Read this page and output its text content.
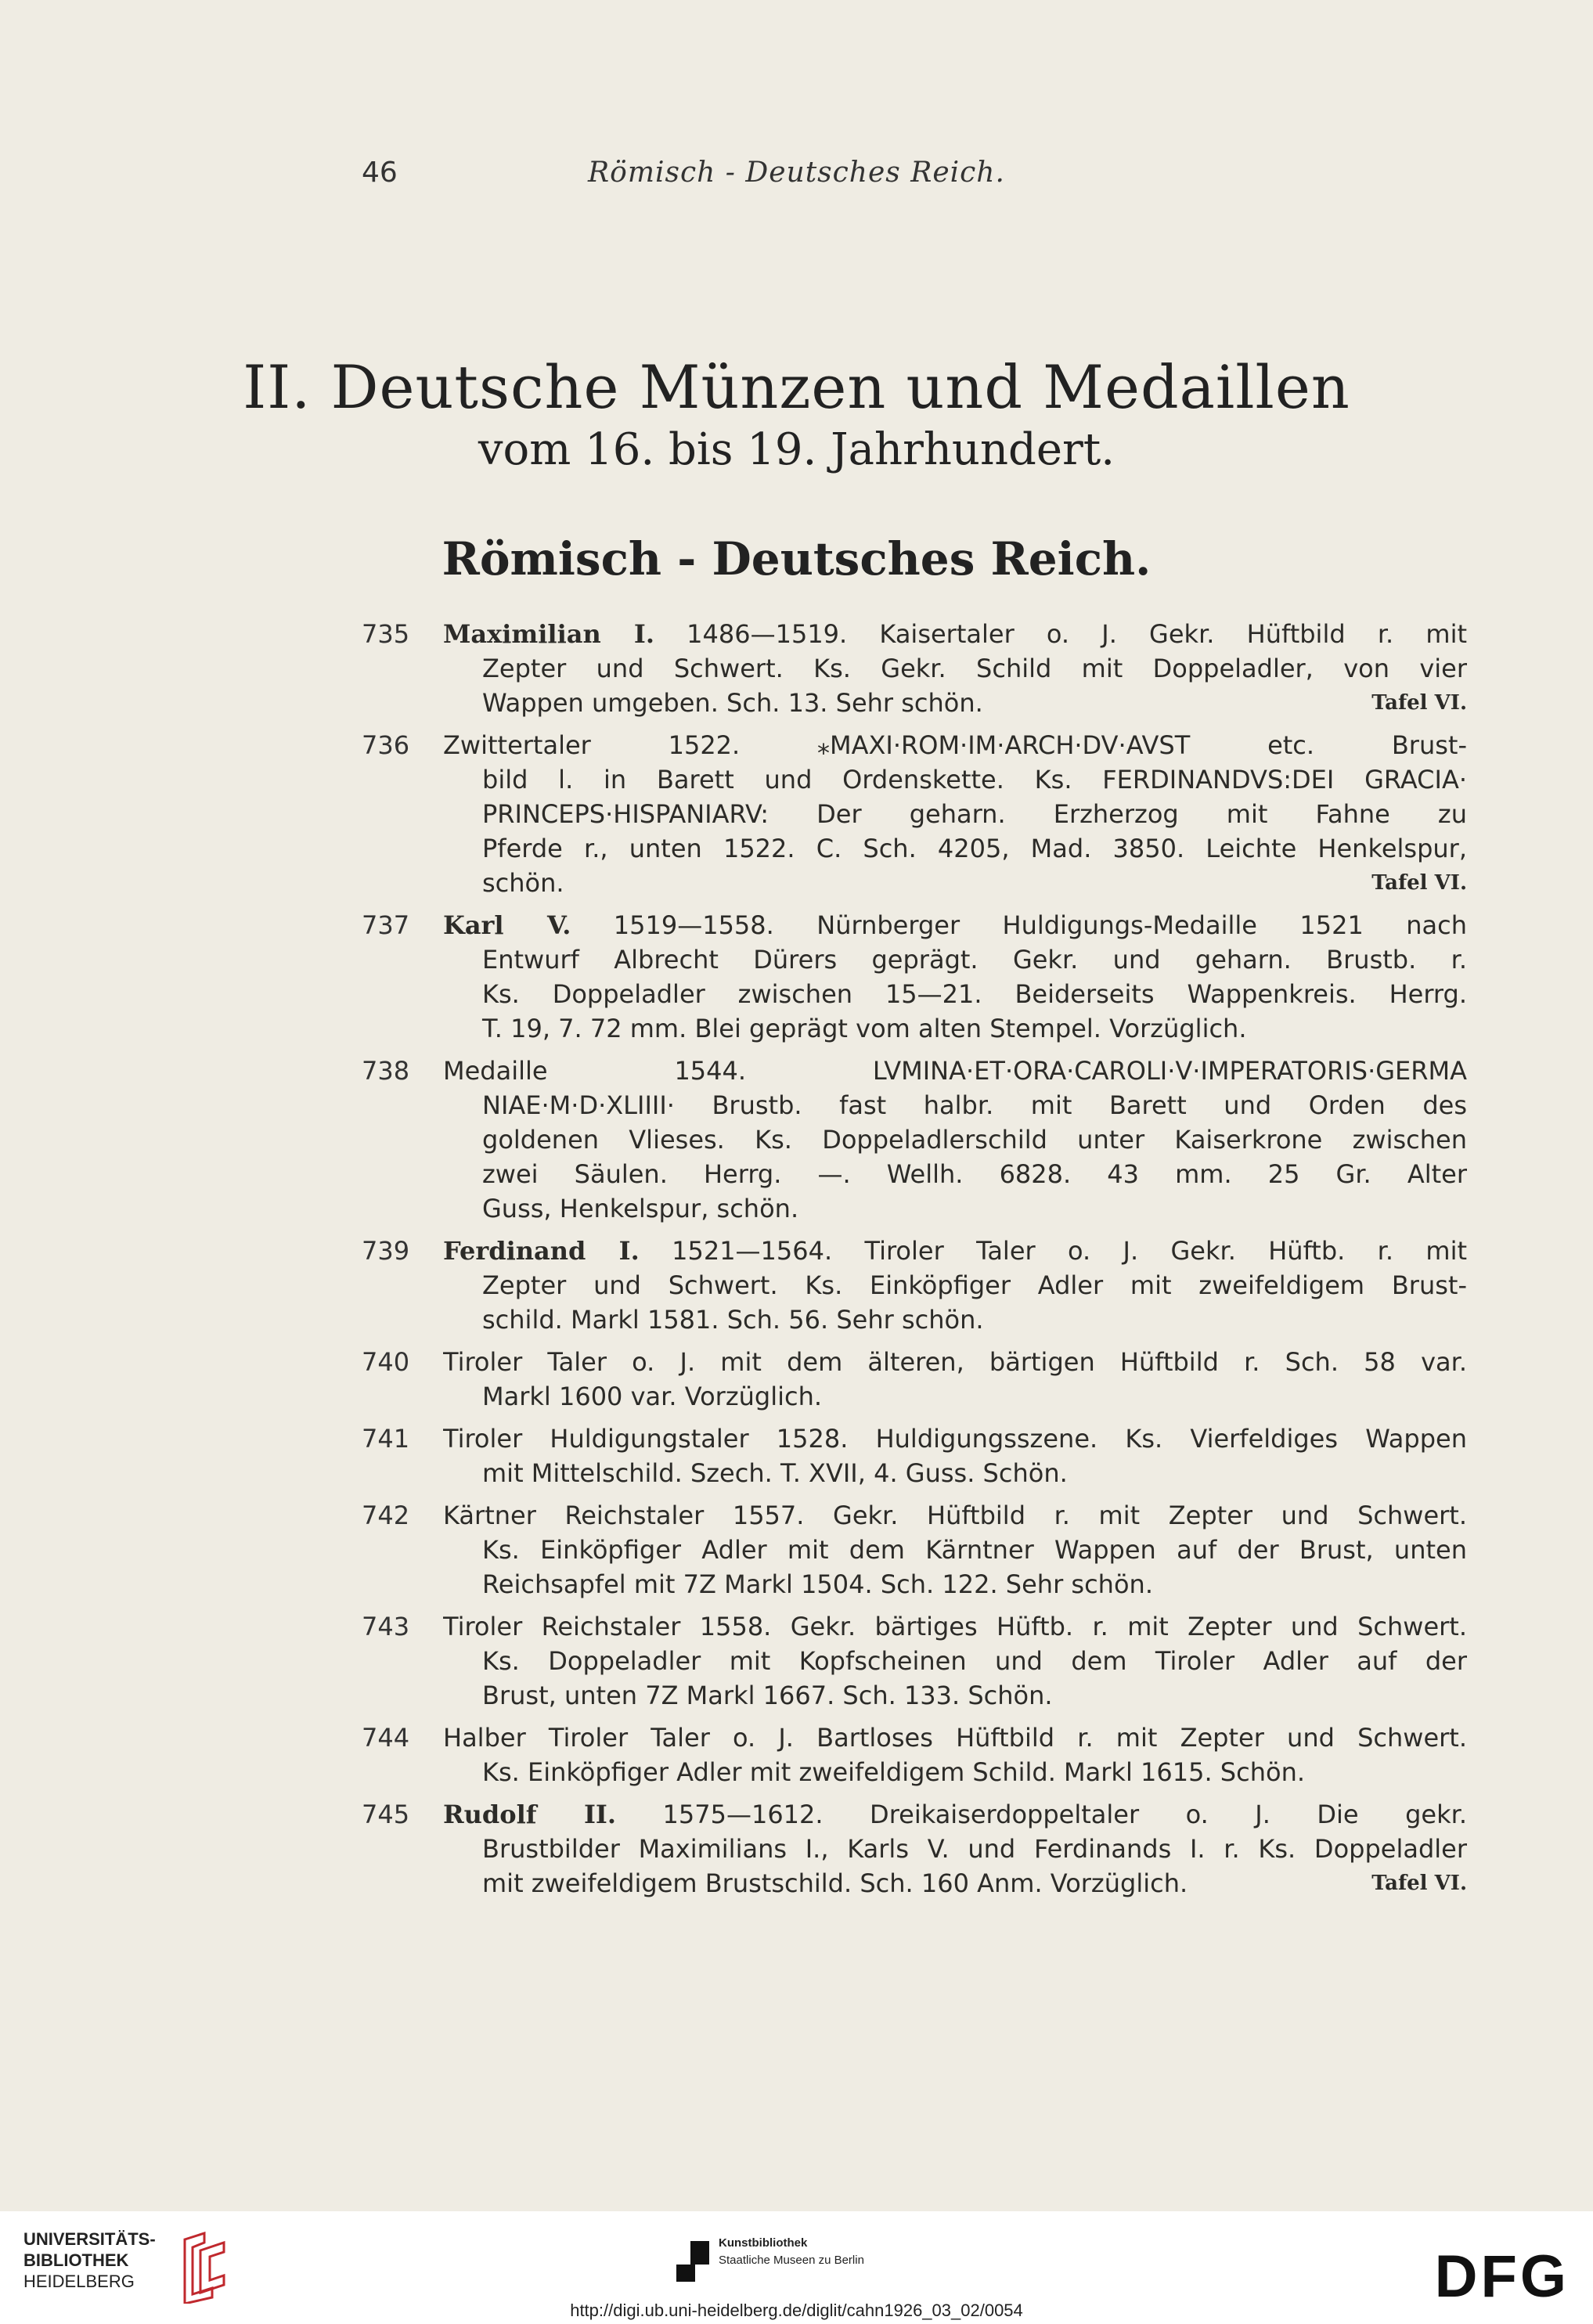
46	Römisch - Deutsches Reich.
II. Deutsche Münzen und Medaillen
vom 16. bis 19. Jahrhundert.
Römisch - Deutsches Reich.
735 Maximilian I. 1486—1519. Kaisertaler o. J. Gekr. Hüftbild r. mit
Zepter und Schwert. Ks. Gekr. Schild mit Doppeladler, von vier
Wappen umgeben. Sch. 13. Sehr schön.	Tafel VI.
736 Zwittertaler 1522. ⁎MAXI·ROM·IM·ARCH·DV·AVST etc. Brust-
bild l. in Barett und Ordenskette. Ks. FERDINANDVS:DEI GRACIA·
PRINCEPS·HISPANIARV: Der geharn. Erzherzog mit Fahne zu
Pferde r., unten 1522. C. Sch. 4205, Mad. 3850. Leichte Henkelspur,
schön.	Tafel VI.
737 Karl V. 1519—1558. Nürnberger Huldigungs-Medaille 1521 nach
Entwurf Albrecht Dürers geprägt. Gekr. und geharn. Brustb. r.
Ks. Doppeladler zwischen 15—21. Beiderseits Wappenkreis. Herrg.
T. 19, 7. 72 mm. Blei geprägt vom alten Stempel. Vorzüglich.
738 Medaille 1544. LVMINA·ET·ORA·CAROLI·V·IMPERATORIS·GERMA
NIAE·M·D·XLIIII· Brustb. fast halbr. mit Barett und Orden des
goldenen Vlieses. Ks. Doppeladlerschild unter Kaiserkrone zwischen
zwei Säulen. Herrg. —. Wellh. 6828. 43 mm. 25 Gr. Alter
Guss, Henkelspur, schön.
739 Ferdinand I. 1521—1564. Tiroler Taler o. J. Gekr. Hüftb. r. mit
Zepter und Schwert. Ks. Einköpfiger Adler mit zweifeldigem Brust-
schild. Markl 1581. Sch. 56. Sehr schön.
740 Tiroler Taler o. J. mit dem älteren, bärtigen Hüftbild r. Sch. 58 var.
Markl 1600 var. Vorzüglich.
741 Tiroler Huldigungstaler 1528. Huldigungsszene. Ks. Vierfeldiges Wappen
mit Mittelschild. Szech. T. XVII, 4. Guss. Schön.
742 Kärtner Reichstaler 1557. Gekr. Hüftbild r. mit Zepter und Schwert.
Ks. Einköpfiger Adler mit dem Kärntner Wappen auf der Brust, unten
Reichsapfel mit 7Z Markl 1504. Sch. 122. Sehr schön.
743 Tiroler Reichstaler 1558. Gekr. bärtiges Hüftb. r. mit Zepter und Schwert.
Ks. Doppeladler mit Kopfscheinen und dem Tiroler Adler auf der
Brust, unten 7Z Markl 1667. Sch. 133. Schön.
744 Halber Tiroler Taler o. J. Bartloses Hüftbild r. mit Zepter und Schwert.
Ks. Einköpfiger Adler mit zweifeldigem Schild. Markl 1615. Schön.
745 Rudolf II. 1575—1612. Dreikaiserdoppeltaler o. J. Die gekr.
Brustbilder Maximilians I., Karls V. und Ferdinands I. r. Ks. Doppeladler
mit zweifeldigem Brustschild. Sch. 160 Anm. Vorzüglich.	Tafel VI.
UNIVERSITÄTS-
BIBLIOTHEK
HEIDELBERG
Kunstbibliothek
Staatliche Museen zu Berlin	DFG
http://digi.ub.uni-heidelberg.de/diglit/cahn1926_03_02/0054
